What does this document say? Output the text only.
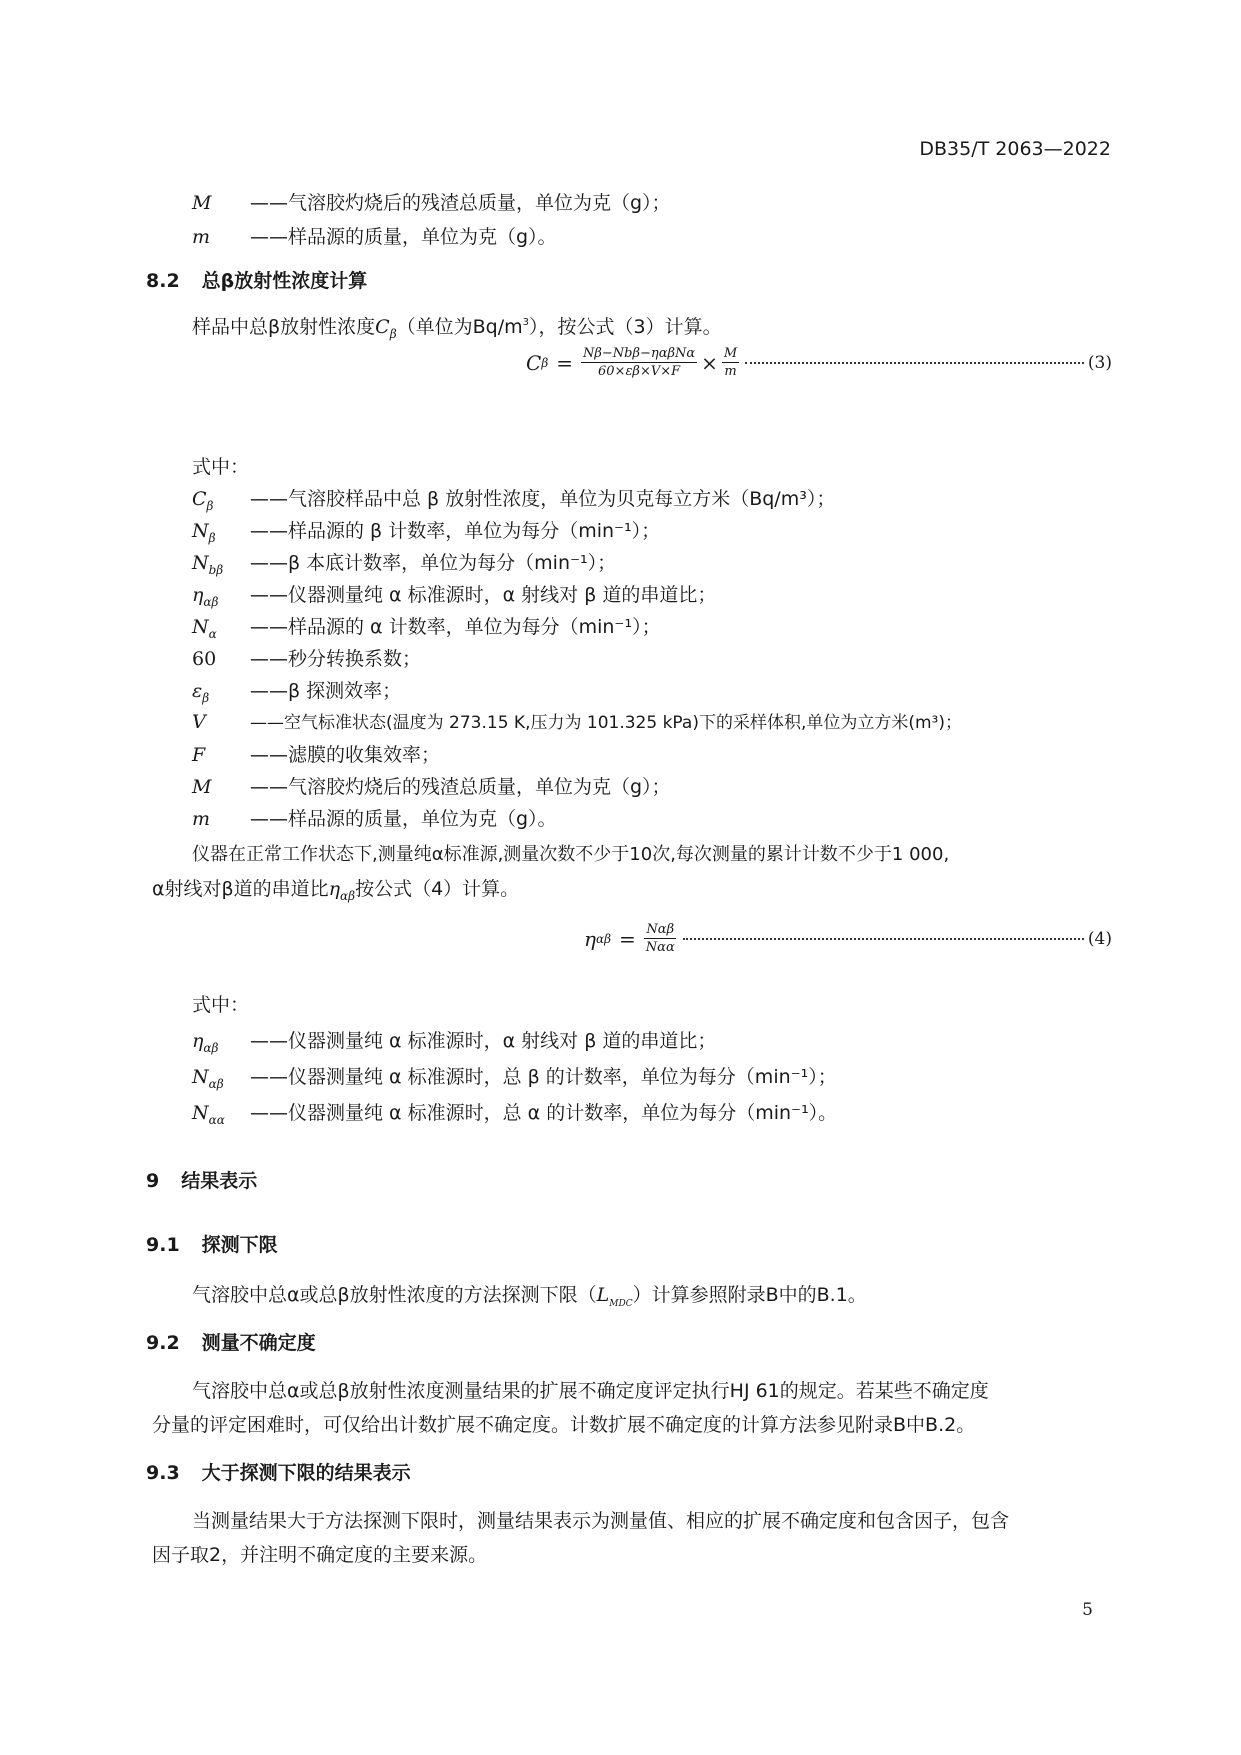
DB35/T 2063—2022
M ——气溶胶灼烧后的残渣总质量，单位为克（g）；
m ——样品源的质量，单位为克（g）。
8.2 总β放射性浓度计算
样品中总β放射性浓度$C_\beta$（单位为$Bq/m^3$），按公式（3）计算。
C $\beta = \frac{\text{Nβ−Nbβ−ηαβNα}}{60\times\varepsilon\beta\times V\times F} \times \frac{M}{m}$	(3)
式中：
$C_\beta$ ——气溶胶样品中总 β 放射性浓度，单位为贝克每立方米（Bq/m³）；
$N_\beta$ ——样品源的 β 计数率，单位为每分（min⁻¹）；
$N_{b\beta}$ ——β 本底计数率，单位为每分（min⁻¹）；
$\eta_{\alpha\beta}$ ——仪器测量纯 α 标准源时，α 射线对 β 道的串道比；
$N_\alpha$ ——样品源的 α 计数率，单位为每分（min⁻¹）；
60 ——秒分转换系数；
$\varepsilon_\beta$ ——β 探测效率；
V	——空气标准状态(温度为 273.15 K,压力为 101.325 kPa)下的采样体积,单位为立方米(m³)；
F ——滤膜的收集效率；
M ——气溶胶灼烧后的残渣总质量，单位为克（g）；
m ——样品源的质量，单位为克（g）。
仪器在正常工作状态下,测量纯α标准源,测量次数不少于10次,每次测量的累计计数不少于1 000,
α射线对β道的串道比$\eta_{\alpha\beta}$按公式（4）计算。
η $\alpha\beta = \frac{\text{Nαβ}}{\text{Nαα}}$	(4)
式中：
$\eta_{\alpha\beta}$ ——仪器测量纯 α 标准源时，α 射线对 β 道的串道比；
$N_{\alpha\beta}$ ——仪器测量纯 α 标准源时，总 β 的计数率，单位为每分（min⁻¹）；
$N_{\alpha\alpha}$ ——仪器测量纯 α 标准源时，总 α 的计数率，单位为每分（min⁻¹）。
9 结果表示
9.1 探测下限
气溶胶中总α或总β放射性浓度的方法探测下限$(L_{MDC})$计算参照附录B中的B.1。
9.2 测量不确定度
气溶胶中总α或总β放射性浓度测量结果的扩展不确定度评定执行HJ 61的规定。若某些不确定度
分量的评定困难时，可仅给出计数扩展不确定度。计数扩展不确定度的计算方法参见附录B中B.2。
9.3 大于探测下限的结果表示
当测量结果大于方法探测下限时，测量结果表示为测量值、相应的扩展不确定度和包含因子，包含
因子取2，并注明不确定度的主要来源。
5
